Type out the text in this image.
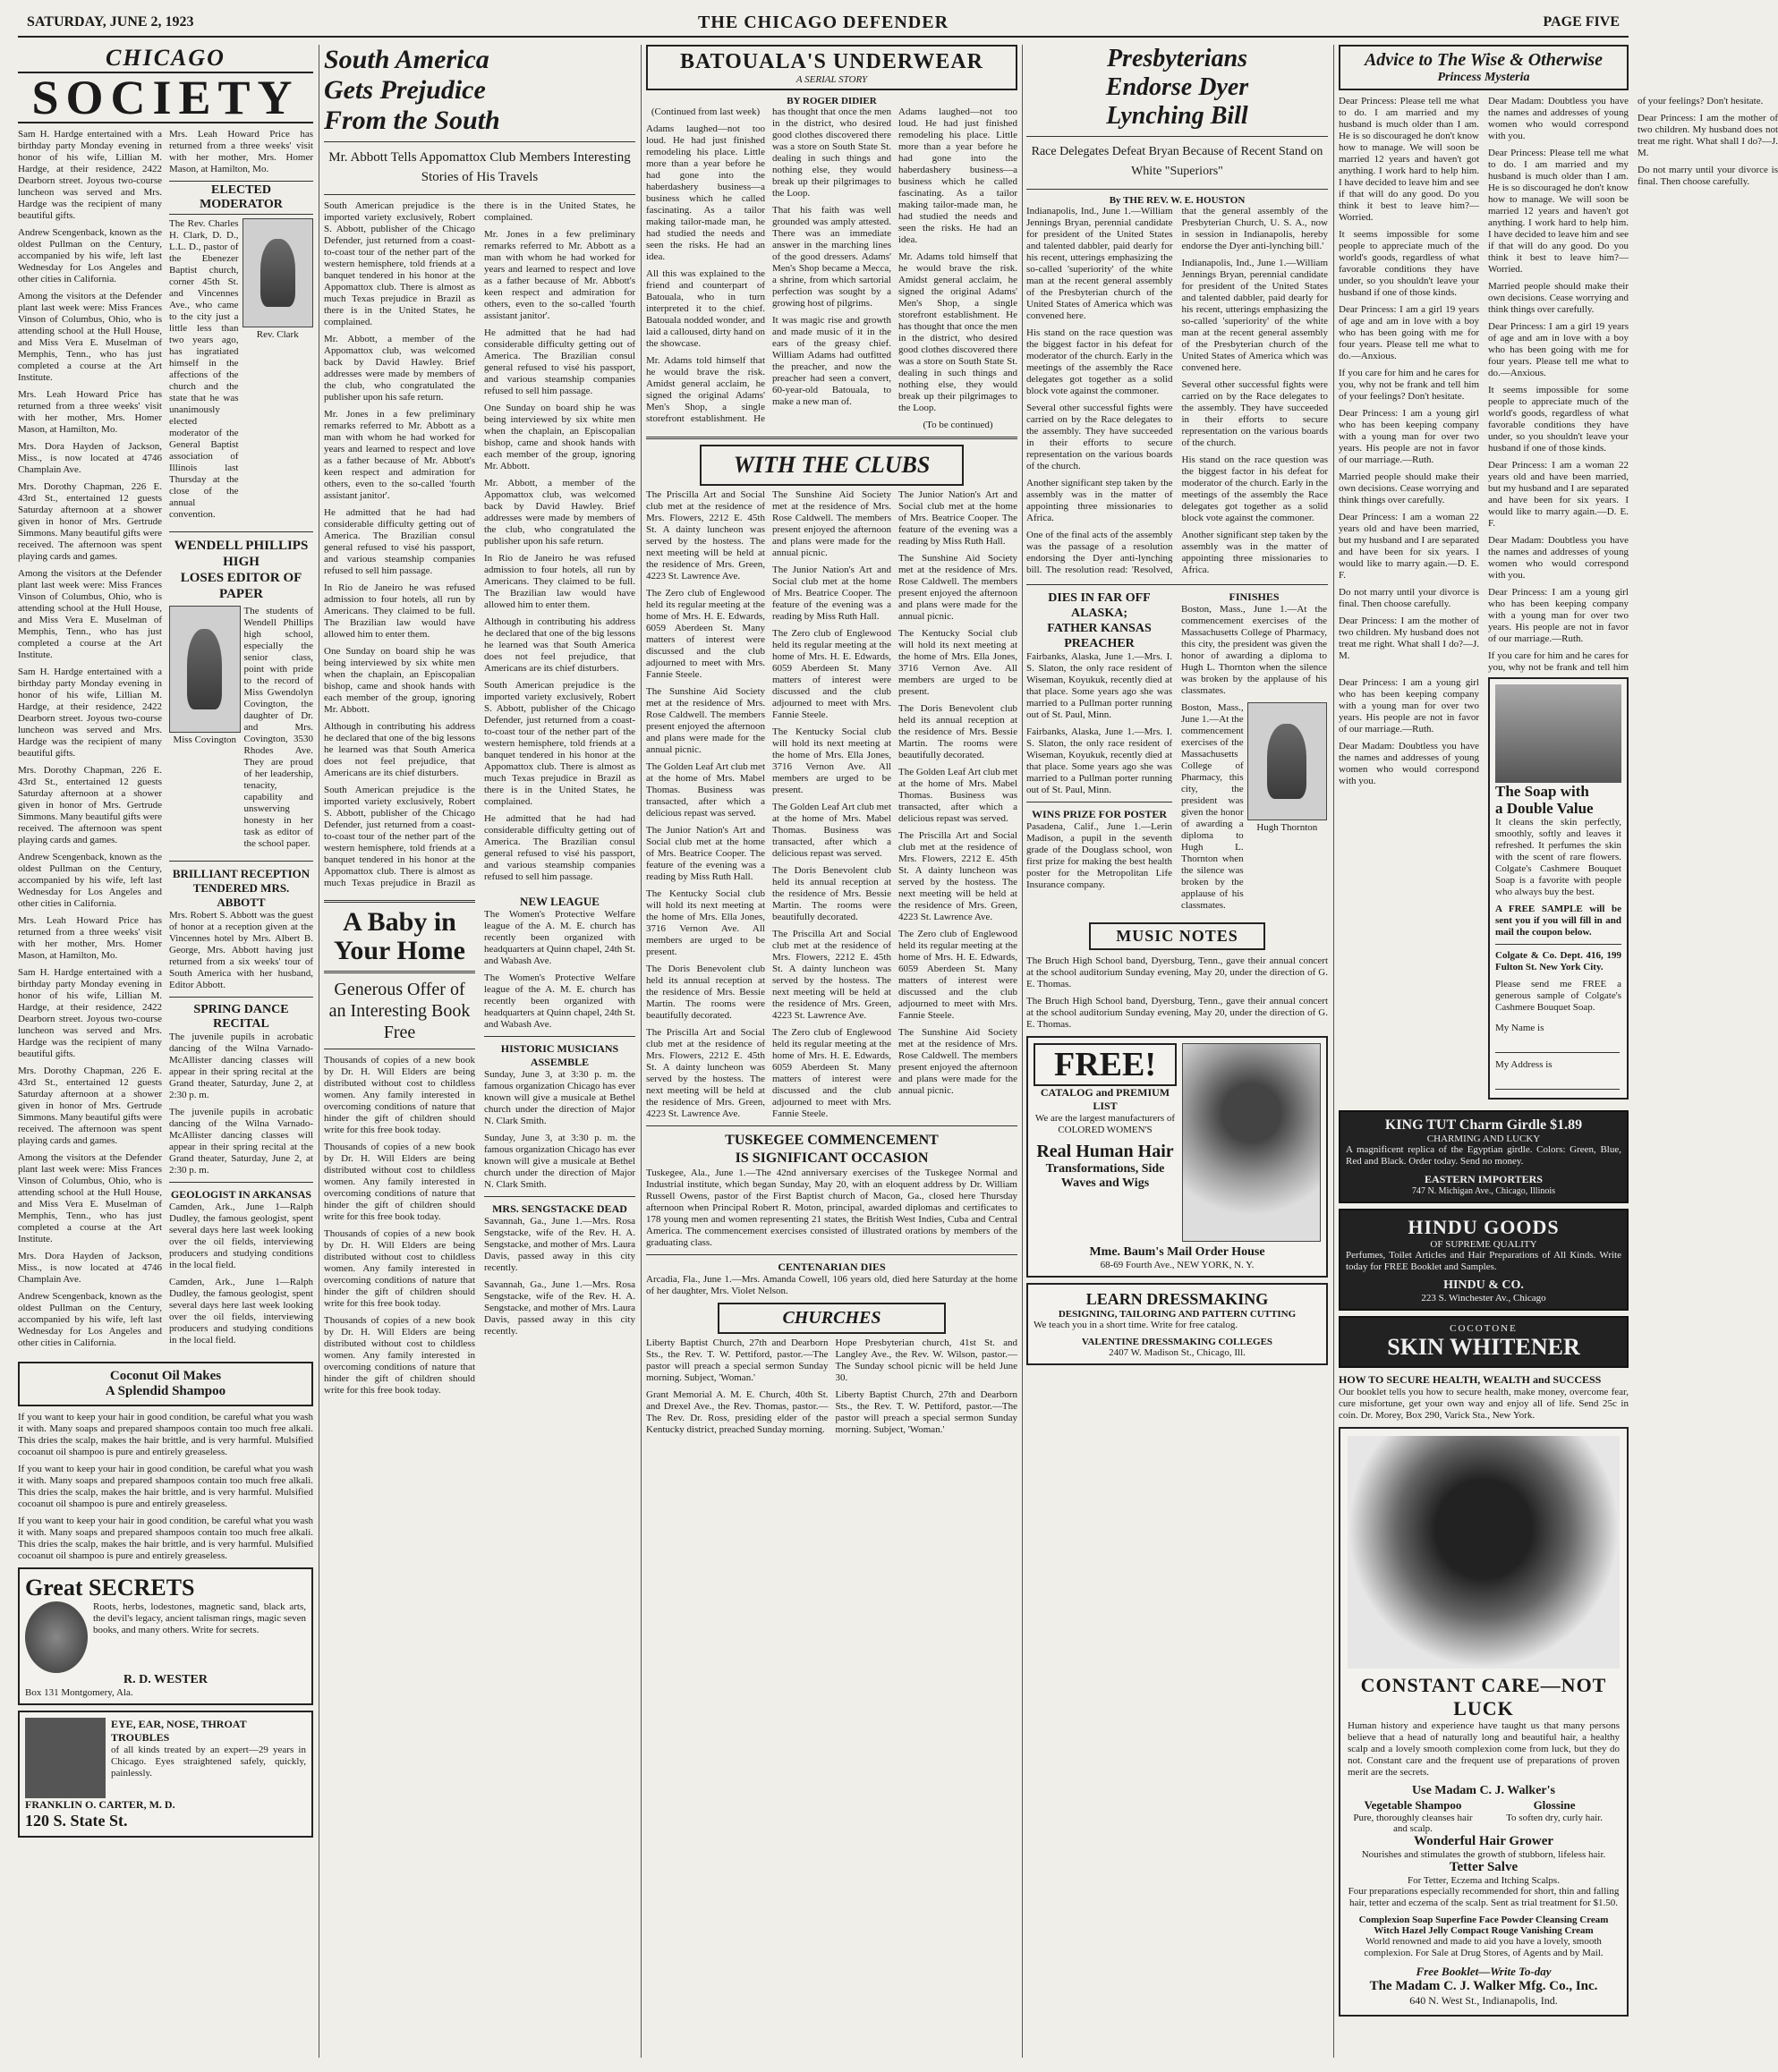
SATURDAY, JUNE 2, 1923	THE CHICAGO DEFENDER	PAGE FIVE
CHICAGO
SOCIETY

Sam H. Hardge entertained with a birthday party Monday evening in honor of his wife, Lillian M. Hardge, at their residence, 2422 Dearborn street. Joyous two-course luncheon was served and Mrs. Hardge was the recipient of many beautiful gifts.

Andrew Scengenback, known as the oldest Pullman on the Century, accompanied by his wife, left last Wednesday for Los Angeles and other cities in California.

Among the visitors at the Defender plant last week were: Miss Frances Vinson of Columbus, Ohio, who is attending school at the Hull House, and Miss Vera E. Muselman of Memphis, Tenn., who has just completed a course at the Art Institute.

Mrs. Leah Howard Price has returned from a three weeks' visit with her mother, Mrs. Homer Mason, at Hamilton, Mo.

Mrs. Dora Hayden of Jackson, Miss., is now located at 4746 Champlain Ave.

Mrs. Dorothy Chapman, 226 E. 43rd St., entertained 12 guests Saturday afternoon at a shower given in honor of Mrs. Gertrude Simmons. Many beautiful gifts were received. The afternoon was spent playing cards and games.

Among the visitors at the Defender plant last week were: Miss Frances Vinson of Columbus, Ohio, who is attending school at the Hull House, and Miss Vera E. Muselman of Memphis, Tenn., who has just completed a course at the Art Institute.

Sam H. Hardge entertained with a birthday party Monday evening in honor of his wife, Lillian M. Hardge, at their residence, 2422 Dearborn street. Joyous two-course luncheon was served and Mrs. Hardge was the recipient of many beautiful gifts.

Mrs. Dorothy Chapman, 226 E. 43rd St., entertained 12 guests Saturday afternoon at a shower given in honor of Mrs. Gertrude Simmons. Many beautiful gifts were received. The afternoon was spent playing cards and games.

Andrew Scengenback, known as the oldest Pullman on the Century, accompanied by his wife, left last Wednesday for Los Angeles and other cities in California.

Mrs. Leah Howard Price has returned from a three weeks' visit with her mother, Mrs. Homer Mason, at Hamilton, Mo.

Sam H. Hardge entertained with a birthday party Monday evening in honor of his wife, Lillian M. Hardge, at their residence, 2422 Dearborn street. Joyous two-course luncheon was served and Mrs. Hardge was the recipient of many beautiful gifts.

Mrs. Dorothy Chapman, 226 E. 43rd St., entertained 12 guests Saturday afternoon at a shower given in honor of Mrs. Gertrude Simmons. Many beautiful gifts were received. The afternoon was spent playing cards and games.

Among the visitors at the Defender plant last week were: Miss Frances Vinson of Columbus, Ohio, who is attending school at the Hull House, and Miss Vera E. Muselman of Memphis, Tenn., who has just completed a course at the Art Institute.

Mrs. Dora Hayden of Jackson, Miss., is now located at 4746 Champlain Ave.

Andrew Scengenback, known as the oldest Pullman on the Century, accompanied by his wife, left last Wednesday for Los Angeles and other cities in California.

Mrs. Leah Howard Price has returned from a three weeks' visit with her mother, Mrs. Homer Mason, at Hamilton, Mo.

ELECTED MODERATOR

The Rev. Charles H. Clark, D. D., L.L. D., pastor of the Ebenezer Baptist church, corner 45th St. and Vincennes Ave., who came to the city just a little less than two years ago, has ingratiated himself in the affections of the church and the state that he was unanimously elected moderator of the General Baptist association of Illinois last Thursday at the close of the annual convention.

Rev. Clark
WENDELL PHILLIPS HIGH
LOSES EDITOR OF PAPER
Miss Covington

The students of Wendell Phillips high school, especially the senior class, point with pride to the record of Miss Gwendolyn Covington, the daughter of Dr. and Mrs. Covington, 3530 Rhodes Ave. They are proud of her leadership, tenacity, capability and unswerving honesty in her task as editor of the school paper.

BRILLIANT RECEPTION TENDERED MRS. ABBOTT

Mrs. Robert S. Abbott was the guest of honor at a reception given at the Vincennes hotel by Mrs. Albert B. George, Mrs. Abbott having just returned from a six weeks' tour of South America with her husband, Editor Abbott.

SPRING DANCE RECITAL

The juvenile pupils in acrobatic dancing of the Wilna Varnado-McAllister dancing classes will appear in their spring recital at the Grand theater, Saturday, June 2, at 2:30 p. m.

The juvenile pupils in acrobatic dancing of the Wilna Varnado-McAllister dancing classes will appear in their spring recital at the Grand theater, Saturday, June 2, at 2:30 p. m.

GEOLOGIST IN ARKANSAS

Camden, Ark., June 1—Ralph Dudley, the famous geologist, spent several days here last week looking over the oil fields, interviewing producers and studying conditions in the local field.

Camden, Ark., June 1—Ralph Dudley, the famous geologist, spent several days here last week looking over the oil fields, interviewing producers and studying conditions in the local field.

Coconut Oil Makes
A Splendid Shampoo

If you want to keep your hair in good condition, be careful what you wash it with. Many soaps and prepared shampoos contain too much free alkali. This dries the scalp, makes the hair brittle, and is very harmful. Mulsified cocoanut oil shampoo is pure and entirely greaseless.

If you want to keep your hair in good condition, be careful what you wash it with. Many soaps and prepared shampoos contain too much free alkali. This dries the scalp, makes the hair brittle, and is very harmful. Mulsified cocoanut oil shampoo is pure and entirely greaseless.

If you want to keep your hair in good condition, be careful what you wash it with. Many soaps and prepared shampoos contain too much free alkali. This dries the scalp, makes the hair brittle, and is very harmful. Mulsified cocoanut oil shampoo is pure and entirely greaseless.

Great SECRETS

Roots, herbs, lodestones, magnetic sand, black arts, the devil's legacy, ancient talisman rings, magic seven books, and many others. Write for secrets.

R. D. WESTER
Box 131 Montgomery, Ala.
EYE, EAR, NOSE, THROAT TROUBLES

of all kinds treated by an expert—29 years in Chicago. Eyes straightened safely, quickly, painlessly.

FRANKLIN O. CARTER, M. D.
120 S. State St.
South America
Gets Prejudice
From the South
Mr. Abbott Tells Appomattox Club Members Interesting Stories of His Travels

South American prejudice is the imported variety exclusively, Robert S. Abbott, publisher of the Chicago Defender, just returned from a coast-to-coast tour of the nether part of the western hemisphere, told friends at a banquet tendered in his honor at the Appomattox club. There is almost as much Texas prejudice in Brazil as there is in the United States, he complained.

Mr. Abbott, a member of the Appomattox club, was welcomed back by David Hawley. Brief addresses were made by members of the club, who congratulated the publisher upon his safe return.

Mr. Jones in a few preliminary remarks referred to Mr. Abbott as a man with whom he had worked for years and learned to respect and love as a father because of Mr. Abbott's keen respect and admiration for others, even to the so-called 'fourth assistant janitor'.

He admitted that he had had considerable difficulty getting out of America. The Brazilian consul general refused to visé his passport, and various steamship companies refused to sell him passage.

In Rio de Janeiro he was refused admission to four hotels, all run by Americans. They claimed to be full. The Brazilian law would have allowed him to enter them.

One Sunday on board ship he was being interviewed by six white men when the chaplain, an Episcopalian bishop, came and shook hands with each member of the group, ignoring Mr. Abbott.

Although in contributing his address he declared that one of the big lessons he learned was that South America does not feel prejudice, that Americans are its chief disturbers.

South American prejudice is the imported variety exclusively, Robert S. Abbott, publisher of the Chicago Defender, just returned from a coast-to-coast tour of the nether part of the western hemisphere, told friends at a banquet tendered in his honor at the Appomattox club. There is almost as much Texas prejudice in Brazil as there is in the United States, he complained.

Mr. Jones in a few preliminary remarks referred to Mr. Abbott as a man with whom he had worked for years and learned to respect and love as a father because of Mr. Abbott's keen respect and admiration for others, even to the so-called 'fourth assistant janitor'.

He admitted that he had had considerable difficulty getting out of America. The Brazilian consul general refused to visé his passport, and various steamship companies refused to sell him passage.

One Sunday on board ship he was being interviewed by six white men when the chaplain, an Episcopalian bishop, came and shook hands with each member of the group, ignoring Mr. Abbott.

Mr. Abbott, a member of the Appomattox club, was welcomed back by David Hawley. Brief addresses were made by members of the club, who congratulated the publisher upon his safe return.

In Rio de Janeiro he was refused admission to four hotels, all run by Americans. They claimed to be full. The Brazilian law would have allowed him to enter them.

Although in contributing his address he declared that one of the big lessons he learned was that South America does not feel prejudice, that Americans are its chief disturbers.

South American prejudice is the imported variety exclusively, Robert S. Abbott, publisher of the Chicago Defender, just returned from a coast-to-coast tour of the nether part of the western hemisphere, told friends at a banquet tendered in his honor at the Appomattox club. There is almost as much Texas prejudice in Brazil as there is in the United States, he complained.

He admitted that he had had considerable difficulty getting out of America. The Brazilian consul general refused to visé his passport, and various steamship companies refused to sell him passage.

A Baby in Your Home
Generous Offer of an Interesting Book Free

Thousands of copies of a new book by Dr. H. Will Elders are being distributed without cost to childless women. Any family interested in overcoming conditions of nature that hinder the gift of children should write for this free book today.

Thousands of copies of a new book by Dr. H. Will Elders are being distributed without cost to childless women. Any family interested in overcoming conditions of nature that hinder the gift of children should write for this free book today.

Thousands of copies of a new book by Dr. H. Will Elders are being distributed without cost to childless women. Any family interested in overcoming conditions of nature that hinder the gift of children should write for this free book today.

Thousands of copies of a new book by Dr. H. Will Elders are being distributed without cost to childless women. Any family interested in overcoming conditions of nature that hinder the gift of children should write for this free book today.

NEW LEAGUE

The Women's Protective Welfare league of the A. M. E. church has recently been organized with headquarters at Quinn chapel, 24th St. and Wabash Ave.

The Women's Protective Welfare league of the A. M. E. church has recently been organized with headquarters at Quinn chapel, 24th St. and Wabash Ave.

HISTORIC MUSICIANS ASSEMBLE

Sunday, June 3, at 3:30 p. m. the famous organization Chicago has ever known will give a musicale at Bethel church under the direction of Major N. Clark Smith.

Sunday, June 3, at 3:30 p. m. the famous organization Chicago has ever known will give a musicale at Bethel church under the direction of Major N. Clark Smith.

MRS. SENGSTACKE DEAD

Savannah, Ga., June 1.—Mrs. Rosa Sengstacke, wife of the Rev. H. A. Sengstacke, and mother of Mrs. Laura Davis, passed away in this city recently.

Savannah, Ga., June 1.—Mrs. Rosa Sengstacke, wife of the Rev. H. A. Sengstacke, and mother of Mrs. Laura Davis, passed away in this city recently.

BATOUALA'S UNDERWEAR
A SERIAL STORY
BY ROGER DIDIER

(Continued from last week)

Adams laughed—not too loud. He had just finished remodeling his place. Little more than a year before he had gone into the haberdashery business—a business which he called fascinating. As a tailor making tailor-made man, he had studied the needs and seen the risks. He had an idea.

All this was explained to the friend and counterpart of Batouala, who in turn interpreted it to the chief. Batouala nodded wonder, and laid a calloused, dirty hand on the showcase.

Mr. Adams told himself that he would brave the risk. Amidst general acclaim, he signed the original Adams' Men's Shop, a single storefront establishment. He has thought that once the men in the district, who desired good clothes discovered there was a store on South State St. dealing in such things and nothing else, they would break up their pilgrimages to the Loop.

That his faith was well grounded was amply attested. There was an immediate answer in the marching lines of the good dressers. Adams' Men's Shop became a Mecca, a shrine, from which sartorial perfection was sought by a growing host of pilgrims.

It was magic rise and growth and made music of it in the ears of the greasy chief. William Adams had outfitted the preacher, and now the preacher had seen a convert, 60-year-old Batouala, to make a new man of.

Adams laughed—not too loud. He had just finished remodeling his place. Little more than a year before he had gone into the haberdashery business—a business which he called fascinating. As a tailor making tailor-made man, he had studied the needs and seen the risks. He had an idea.

Mr. Adams told himself that he would brave the risk. Amidst general acclaim, he signed the original Adams' Men's Shop, a single storefront establishment. He has thought that once the men in the district, who desired good clothes discovered there was a store on South State St. dealing in such things and nothing else, they would break up their pilgrimages to the Loop.

(To be continued)

WITH THE CLUBS

The Priscilla Art and Social club met at the residence of Mrs. Flowers, 2212 E. 45th St. A dainty luncheon was served by the hostess. The next meeting will be held at the residence of Mrs. Green, 4223 St. Lawrence Ave.

The Zero club of Englewood held its regular meeting at the home of Mrs. H. E. Edwards, 6059 Aberdeen St. Many matters of interest were discussed and the club adjourned to meet with Mrs. Fannie Steele.

The Sunshine Aid Society met at the residence of Mrs. Rose Caldwell. The members present enjoyed the afternoon and plans were made for the annual picnic.

The Golden Leaf Art club met at the home of Mrs. Mabel Thomas. Business was transacted, after which a delicious repast was served.

The Junior Nation's Art and Social club met at the home of Mrs. Beatrice Cooper. The feature of the evening was a reading by Miss Ruth Hall.

The Kentucky Social club will hold its next meeting at the home of Mrs. Ella Jones, 3716 Vernon Ave. All members are urged to be present.

The Doris Benevolent club held its annual reception at the residence of Mrs. Bessie Martin. The rooms were beautifully decorated.

The Priscilla Art and Social club met at the residence of Mrs. Flowers, 2212 E. 45th St. A dainty luncheon was served by the hostess. The next meeting will be held at the residence of Mrs. Green, 4223 St. Lawrence Ave.

The Sunshine Aid Society met at the residence of Mrs. Rose Caldwell. The members present enjoyed the afternoon and plans were made for the annual picnic.

The Junior Nation's Art and Social club met at the home of Mrs. Beatrice Cooper. The feature of the evening was a reading by Miss Ruth Hall.

The Zero club of Englewood held its regular meeting at the home of Mrs. H. E. Edwards, 6059 Aberdeen St. Many matters of interest were discussed and the club adjourned to meet with Mrs. Fannie Steele.

The Kentucky Social club will hold its next meeting at the home of Mrs. Ella Jones, 3716 Vernon Ave. All members are urged to be present.

The Golden Leaf Art club met at the home of Mrs. Mabel Thomas. Business was transacted, after which a delicious repast was served.

The Doris Benevolent club held its annual reception at the residence of Mrs. Bessie Martin. The rooms were beautifully decorated.

The Priscilla Art and Social club met at the residence of Mrs. Flowers, 2212 E. 45th St. A dainty luncheon was served by the hostess. The next meeting will be held at the residence of Mrs. Green, 4223 St. Lawrence Ave.

The Zero club of Englewood held its regular meeting at the home of Mrs. H. E. Edwards, 6059 Aberdeen St. Many matters of interest were discussed and the club adjourned to meet with Mrs. Fannie Steele.

The Junior Nation's Art and Social club met at the home of Mrs. Beatrice Cooper. The feature of the evening was a reading by Miss Ruth Hall.

The Sunshine Aid Society met at the residence of Mrs. Rose Caldwell. The members present enjoyed the afternoon and plans were made for the annual picnic.

The Kentucky Social club will hold its next meeting at the home of Mrs. Ella Jones, 3716 Vernon Ave. All members are urged to be present.

The Doris Benevolent club held its annual reception at the residence of Mrs. Bessie Martin. The rooms were beautifully decorated.

The Golden Leaf Art club met at the home of Mrs. Mabel Thomas. Business was transacted, after which a delicious repast was served.

The Priscilla Art and Social club met at the residence of Mrs. Flowers, 2212 E. 45th St. A dainty luncheon was served by the hostess. The next meeting will be held at the residence of Mrs. Green, 4223 St. Lawrence Ave.

The Zero club of Englewood held its regular meeting at the home of Mrs. H. E. Edwards, 6059 Aberdeen St. Many matters of interest were discussed and the club adjourned to meet with Mrs. Fannie Steele.

The Sunshine Aid Society met at the residence of Mrs. Rose Caldwell. The members present enjoyed the afternoon and plans were made for the annual picnic.

TUSKEGEE COMMENCEMENT
IS SIGNIFICANT OCCASION

Tuskegee, Ala., June 1.—The 42nd anniversary exercises of the Tuskegee Normal and Industrial institute, which began Sunday, May 20, with an eloquent address by Dr. William Russell Owens, pastor of the First Baptist church of Macon, Ga., closed here Thursday afternoon when Principal Robert R. Moton, principal, awarded diplomas and certificates to 178 young men and women representing 21 states, the British West Indies, Cuba and Central America. The commencement exercises consisted of illustrated orations by members of the graduating class.

CENTENARIAN DIES

Arcadia, Fla., June 1.—Mrs. Amanda Cowell, 106 years old, died here Saturday at the home of her daughter, Mrs. Violet Nelson.

CHURCHES

Liberty Baptist Church, 27th and Dearborn Sts., the Rev. T. W. Pettiford, pastor.—The pastor will preach a special sermon Sunday morning. Subject, 'Woman.'

Grant Memorial A. M. E. Church, 40th St. and Drexel Ave., the Rev. Thomas, pastor.—The Rev. Dr. Ross, presiding elder of the Kentucky district, preached Sunday morning.

Hope Presbyterian church, 41st St. and Langley Ave., the Rev. W. Wilson, pastor.—The Sunday school picnic will be held June 30.

Liberty Baptist Church, 27th and Dearborn Sts., the Rev. T. W. Pettiford, pastor.—The pastor will preach a special sermon Sunday morning. Subject, 'Woman.'

Presbyterians
Endorse Dyer
Lynching Bill
Race Delegates Defeat Bryan Because of Recent Stand on White "Superiors"
By THE REV. W. E. HOUSTON

Indianapolis, Ind., June 1.—William Jennings Bryan, perennial candidate for president of the United States and talented dabbler, paid dearly for his recent, utterings emphasizing the so-called 'superiority' of the white man at the recent general assembly of the Presbyterian church of the United States of America which was convened here.

His stand on the race question was the biggest factor in his defeat for moderator of the church. Early in the meetings of the assembly the Race delegates got together as a solid block vote against the commoner.

Several other successful fights were carried on by the Race delegates to the assembly. They have succeeded in their efforts to secure representation on the various boards of the church.

Another significant step taken by the assembly was in the matter of appointing three missionaries to Africa.

One of the final acts of the assembly was the passage of a resolution endorsing the Dyer anti-lynching bill. The resolution read: 'Resolved, that the general assembly of the Presbyterian Church, U. S. A., now in session in Indianapolis, hereby endorse the Dyer anti-lynching bill.'

Indianapolis, Ind., June 1.—William Jennings Bryan, perennial candidate for president of the United States and talented dabbler, paid dearly for his recent, utterings emphasizing the so-called 'superiority' of the white man at the recent general assembly of the Presbyterian church of the United States of America which was convened here.

Several other successful fights were carried on by the Race delegates to the assembly. They have succeeded in their efforts to secure representation on the various boards of the church.

His stand on the race question was the biggest factor in his defeat for moderator of the church. Early in the meetings of the assembly the Race delegates got together as a solid block vote against the commoner.

Another significant step taken by the assembly was in the matter of appointing three missionaries to Africa.

DIES IN FAR OFF ALASKA;
FATHER KANSAS PREACHER

Fairbanks, Alaska, June 1.—Mrs. I. S. Slaton, the only race resident of Wiseman, Koyukuk, recently died at that place. Some years ago she was married to a Pullman porter running out of St. Paul, Minn.

Fairbanks, Alaska, June 1.—Mrs. I. S. Slaton, the only race resident of Wiseman, Koyukuk, recently died at that place. Some years ago she was married to a Pullman porter running out of St. Paul, Minn.

WINS PRIZE FOR POSTER

Pasadena, Calif., June 1.—Lerin Madison, a pupil in the seventh grade of the Douglass school, won first prize for making the best health poster for the Metropolitan Life Insurance company.

FINISHES

Boston, Mass., June 1.—At the commencement exercises of the Massachusetts College of Pharmacy, this city, the president was given the honor of awarding a diploma to Hugh L. Thornton when the silence was broken by the applause of his classmates.

Boston, Mass., June 1.—At the commencement exercises of the Massachusetts College of Pharmacy, this city, the president was given the honor of awarding a diploma to Hugh L. Thornton when the silence was broken by the applause of his classmates.

Hugh Thornton
MUSIC NOTES

The Bruch High School band, Dyersburg, Tenn., gave their annual concert at the school auditorium Sunday evening, May 20, under the direction of G. E. Thomas.

The Bruch High School band, Dyersburg, Tenn., gave their annual concert at the school auditorium Sunday evening, May 20, under the direction of G. E. Thomas.

FREE!
CATALOG and PREMIUM LIST

We are the largest manufacturers of COLORED WOMEN'S

Real Human Hair
Transformations, Side Waves and Wigs
Mme. Baum's Mail Order House
68-69 Fourth Ave., NEW YORK, N. Y.
LEARN DRESSMAKING
DESIGNING, TAILORING AND PATTERN CUTTING

We teach you in a short time. Write for free catalog.

VALENTINE DRESSMAKING COLLEGES
2407 W. Madison St., Chicago, Ill.
Advice to The Wise & Otherwise
Princess Mysteria

Dear Princess: Please tell me what to do. I am married and my husband is much older than I am. He is so discouraged he don't know how to manage. We will soon be married 12 years and haven't got anything. I work hard to help him. I have decided to leave him and see if that will do any good. Do you think it best to leave him?—Worried.

It seems impossible for some people to appreciate much of the world's goods, regardless of what favorable conditions they have under, so you shouldn't leave your husband if one of those kinds.

Dear Princess: I am a girl 19 years of age and am in love with a boy who has been going with me for four years. Please tell me what to do.—Anxious.

If you care for him and he cares for you, why not be frank and tell him of your feelings? Don't hesitate.

Dear Princess: I am a young girl who has been keeping company with a young man for over two years. His people are not in favor of our marriage.—Ruth.

Married people should make their own decisions. Cease worrying and think things over carefully.

Dear Princess: I am a woman 22 years old and have been married, but my husband and I are separated and have been for six years. I would like to marry again.—D. E. F.

Do not marry until your divorce is final. Then choose carefully.

Dear Princess: I am the mother of two children. My husband does not treat me right. What shall I do?—J. M.

Dear Madam: Doubtless you have the names and addresses of young women who would correspond with you.

Dear Princess: Please tell me what to do. I am married and my husband is much older than I am. He is so discouraged he don't know how to manage. We will soon be married 12 years and haven't got anything. I work hard to help him. I have decided to leave him and see if that will do any good. Do you think it best to leave him?—Worried.

Married people should make their own decisions. Cease worrying and think things over carefully.

Dear Princess: I am a girl 19 years of age and am in love with a boy who has been going with me for four years. Please tell me what to do.—Anxious.

It seems impossible for some people to appreciate much of the world's goods, regardless of what favorable conditions they have under, so you shouldn't leave your husband if one of those kinds.

Dear Princess: I am a woman 22 years old and have been married, but my husband and I are separated and have been for six years. I would like to marry again.—D. E. F.

Dear Madam: Doubtless you have the names and addresses of young women who would correspond with you.

Dear Princess: I am a young girl who has been keeping company with a young man for over two years. His people are not in favor of our marriage.—Ruth.

If you care for him and he cares for you, why not be frank and tell him of your feelings? Don't hesitate.

Dear Princess: I am the mother of two children. My husband does not treat me right. What shall I do?—J. M.

Do not marry until your divorce is final. Then choose carefully.

Dear Princess: I am a young girl who has been keeping company with a young man for over two years. His people are not in favor of our marriage.—Ruth.

Dear Madam: Doubtless you have the names and addresses of young women who would correspond with you.

The Soap with
a Double Value

It cleans the skin perfectly, smoothly, softly and leaves it refreshed. It perfumes the skin with the scent of rare flowers. Colgate's Cashmere Bouquet Soap is a favorite with people who always buy the best.

A FREE SAMPLE will be sent you if you will fill in and mail the coupon below.

Colgate & Co. Dept. 416, 199 Fulton St. New York City.

Please send me FREE a generous sample of Colgate's Cashmere Bouquet Soap.

My Name is  My Address is
KING TUT Charm Girdle $1.89
CHARMING AND LUCKY

A magnificent replica of the Egyptian girdle. Colors: Green, Blue, Red and Black. Order today. Send no money.

EASTERN IMPORTERS
747 N. Michigan Ave., Chicago, Illinois
HINDU GOODS
OF SUPREME QUALITY

Perfumes, Toilet Articles and Hair Preparations of All Kinds. Write today for FREE Booklet and Samples.

HINDU & CO.
223 S. Winchester Av., Chicago
COCOTONE
SKIN WHITENER
HOW TO SECURE HEALTH, WEALTH and SUCCESS

Our booklet tells you how to secure health, make money, overcome fear, cure misfortune, get your own way and enjoy all of life. Send 25c in coin. Dr. Morey, Box 290, Varick Sta., New York.

CONSTANT CARE—NOT LUCK

Human history and experience have taught us that many persons believe that a head of naturally long and beautiful hair, a healthy scalp and a lovely smooth complexion come from luck, but they do not. Constant care and the frequent use of preparations of proven merit are the secrets.

Use Madam C. J. Walker's
Vegetable Shampoo
Pure, thoroughly cleanses hair and scalp.
Glossine
To soften dry, curly hair.
Wonderful Hair Grower
Nourishes and stimulates the growth of stubborn, lifeless hair.
Tetter Salve
For Tetter, Eczema and Itching Scalps.

Four preparations especially recommended for short, thin and falling hair, tetter and eczema of the scalp. Sent as trial treatment for $1.50.

Complexion Soap Superfine Face Powder Cleansing Cream
Witch Hazel Jelly Compact Rouge Vanishing Cream

World renowned and made to aid you have a lovely, smooth complexion. For Sale at Drug Stores, of Agents and by Mail.

Free Booklet—Write To-day
The Madam C. J. Walker Mfg. Co., Inc.
640 N. West St., Indianapolis, Ind.
